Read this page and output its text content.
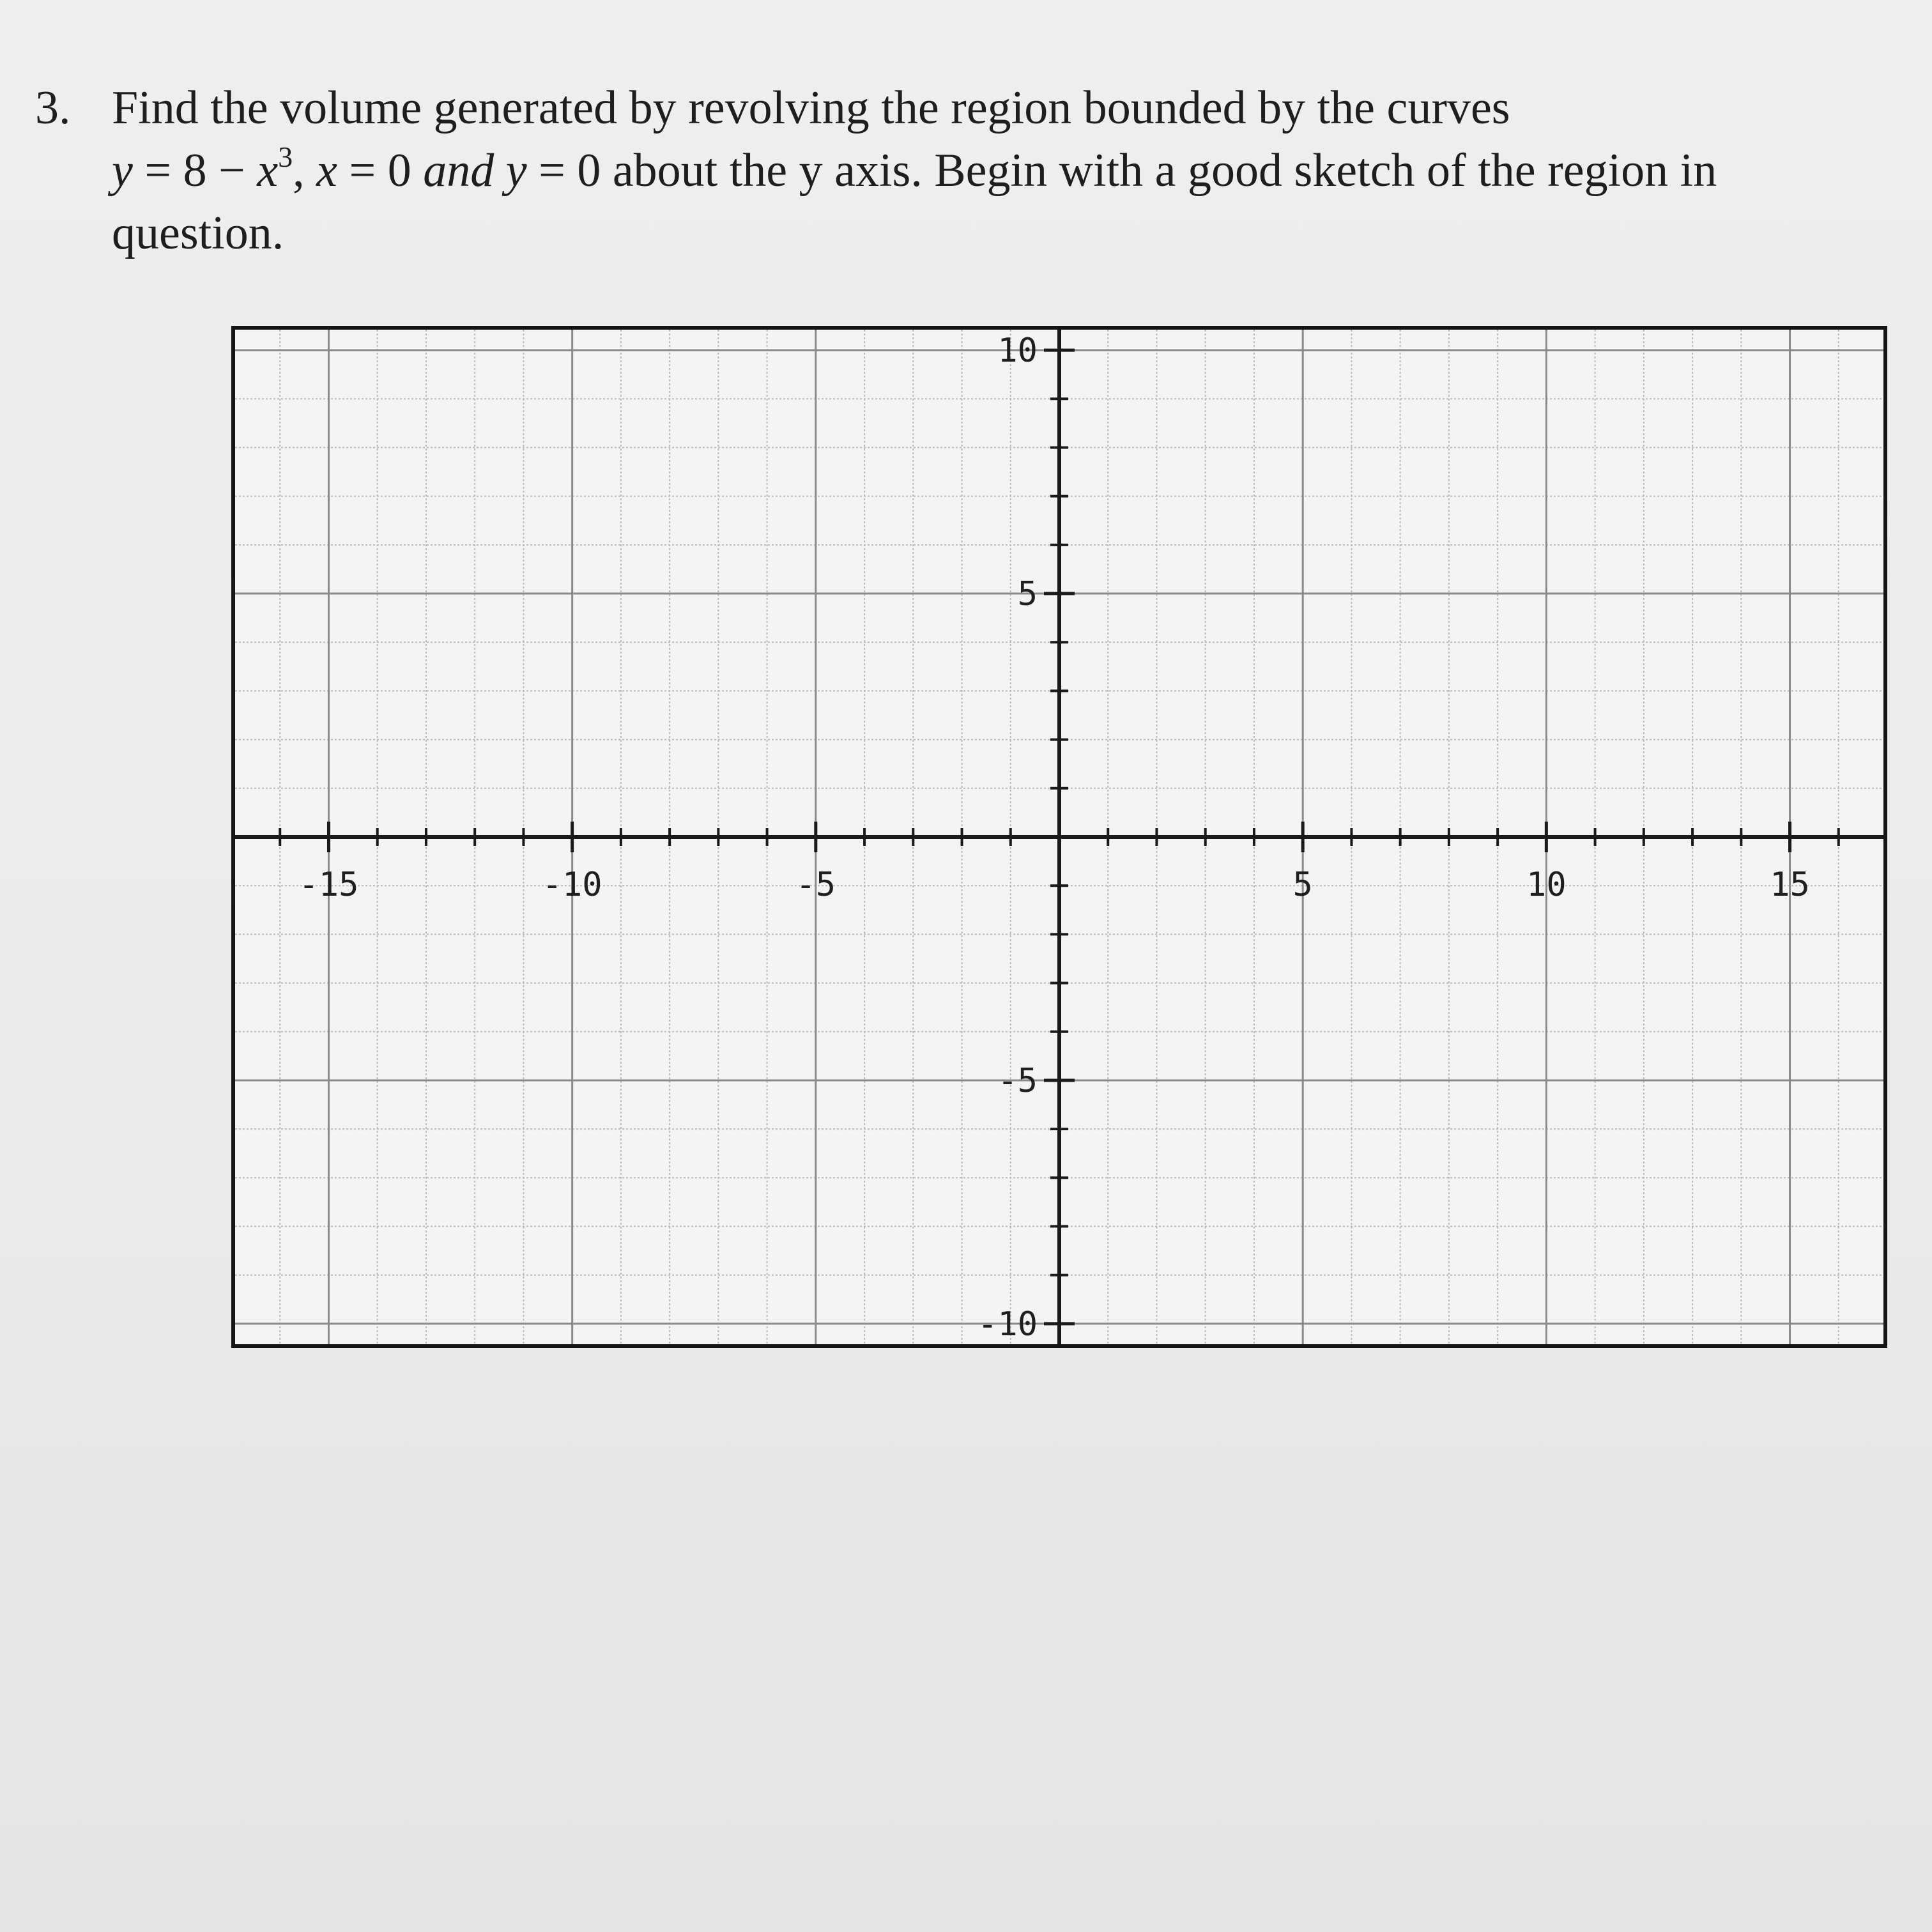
3. Find the volume generated by revolving the region bounded by the curves
$y = 8 - x^3$, x = 0 and y = 0 about the y axis. Begin with a good sketch of the region in
question.
-15	-10	-5	5	10	15
10
5
-5
-10
